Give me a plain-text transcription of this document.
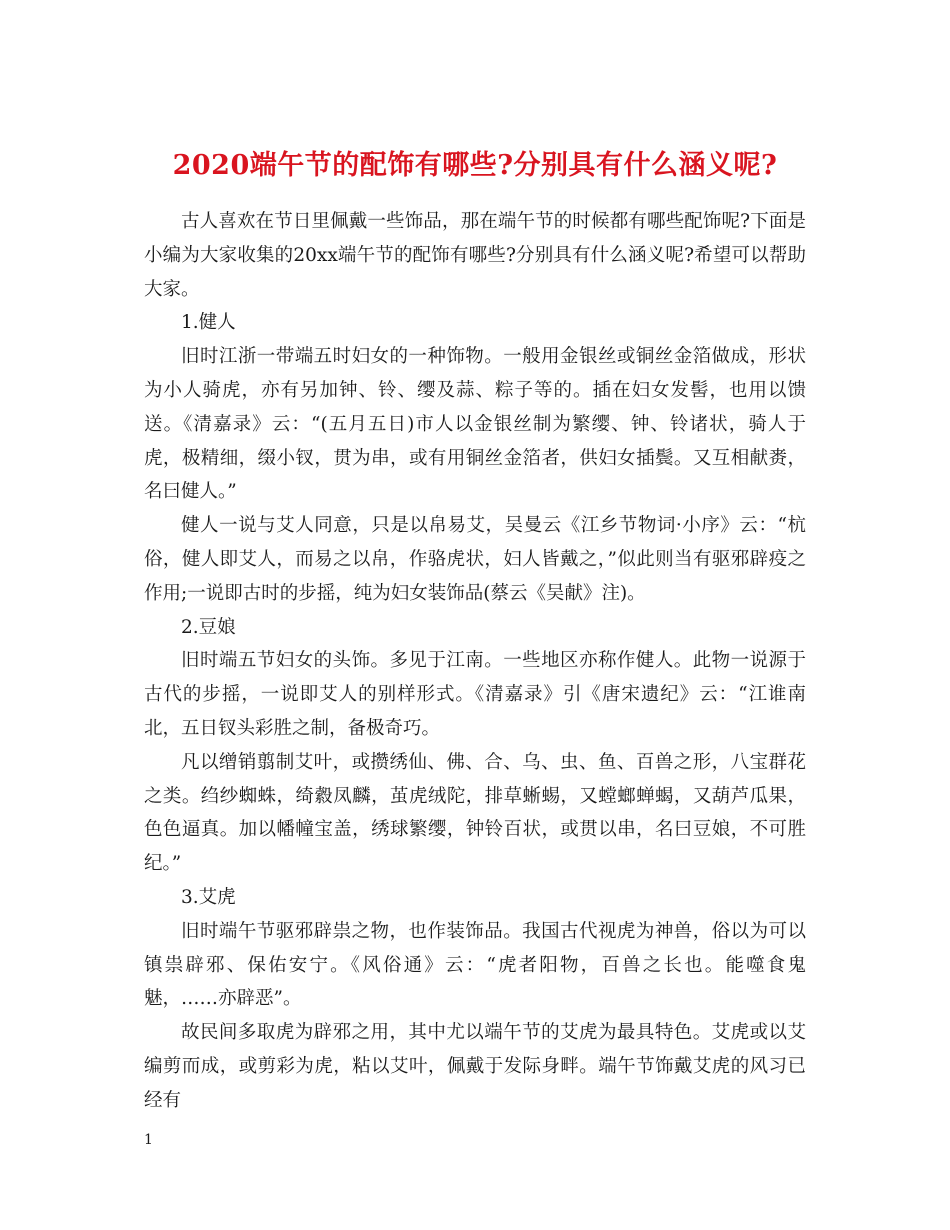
2020端午节的配饰有哪些?分别具有什么涵义呢?

古人喜欢在节日里佩戴一些饰品，那在端午节的时候都有哪些配饰呢?下面是小编为大家收集的20xx端午节的配饰有哪些?分别具有什么涵义呢?希望可以帮助大家。

1.健人

旧时江浙一带端五时妇女的一种饰物。一般用金银丝或铜丝金箔做成，形状为小人骑虎，亦有另加钟、铃、缨及蒜、粽子等的。插在妇女发髻，也用以馈送。《清嘉录》云：“(五月五日)市人以金银丝制为繁缨、钟、铃诸状，骑人于虎，极精细，缀小钗，贯为串，或有用铜丝金箔者，供妇女插鬓。又互相献赉，名曰健人。”

健人一说与艾人同意，只是以帛易艾，吴曼云《江乡节物词·小序》云：“杭俗，健人即艾人，而易之以帛，作骆虎状，妇人皆戴之，”似此则当有驱邪辟疫之作用;一说即古时的步摇，纯为妇女装饰品(蔡云《吴献》注)。

2.豆娘

旧时端五节妇女的头饰。多见于江南。一些地区亦称作健人。此物一说源于古代的步摇，一说即艾人的别样形式。《清嘉录》引《唐宋遗纪》云：“江谁南北，五日钗头彩胜之制，备极奇巧。

凡以缯销翦制艾叶，或攒绣仙、佛、合、乌、虫、鱼、百兽之形，八宝群花之类。绉纱蜘蛛，绮縠凤麟，茧虎绒陀，排草蜥蜴，又螳螂蝉蝎，又葫芦瓜果，色色逼真。加以幡幢宝盖，绣球繁缨，钟铃百状，或贯以串，名曰豆娘，不可胜纪。”

3.艾虎

旧时端午节驱邪辟祟之物，也作装饰品。我国古代视虎为神兽，俗以为可以镇祟辟邪、保佑安宁。《风俗通》云：“虎者阳物，百兽之长也。能噬食鬼魅，……亦辟恶”。

故民间多取虎为辟邪之用，其中尤以端午节的艾虎为最具特色。艾虎或以艾编剪而成，或剪彩为虎，粘以艾叶，佩戴于发际身畔。端午节饰戴艾虎的风习已经有

1
